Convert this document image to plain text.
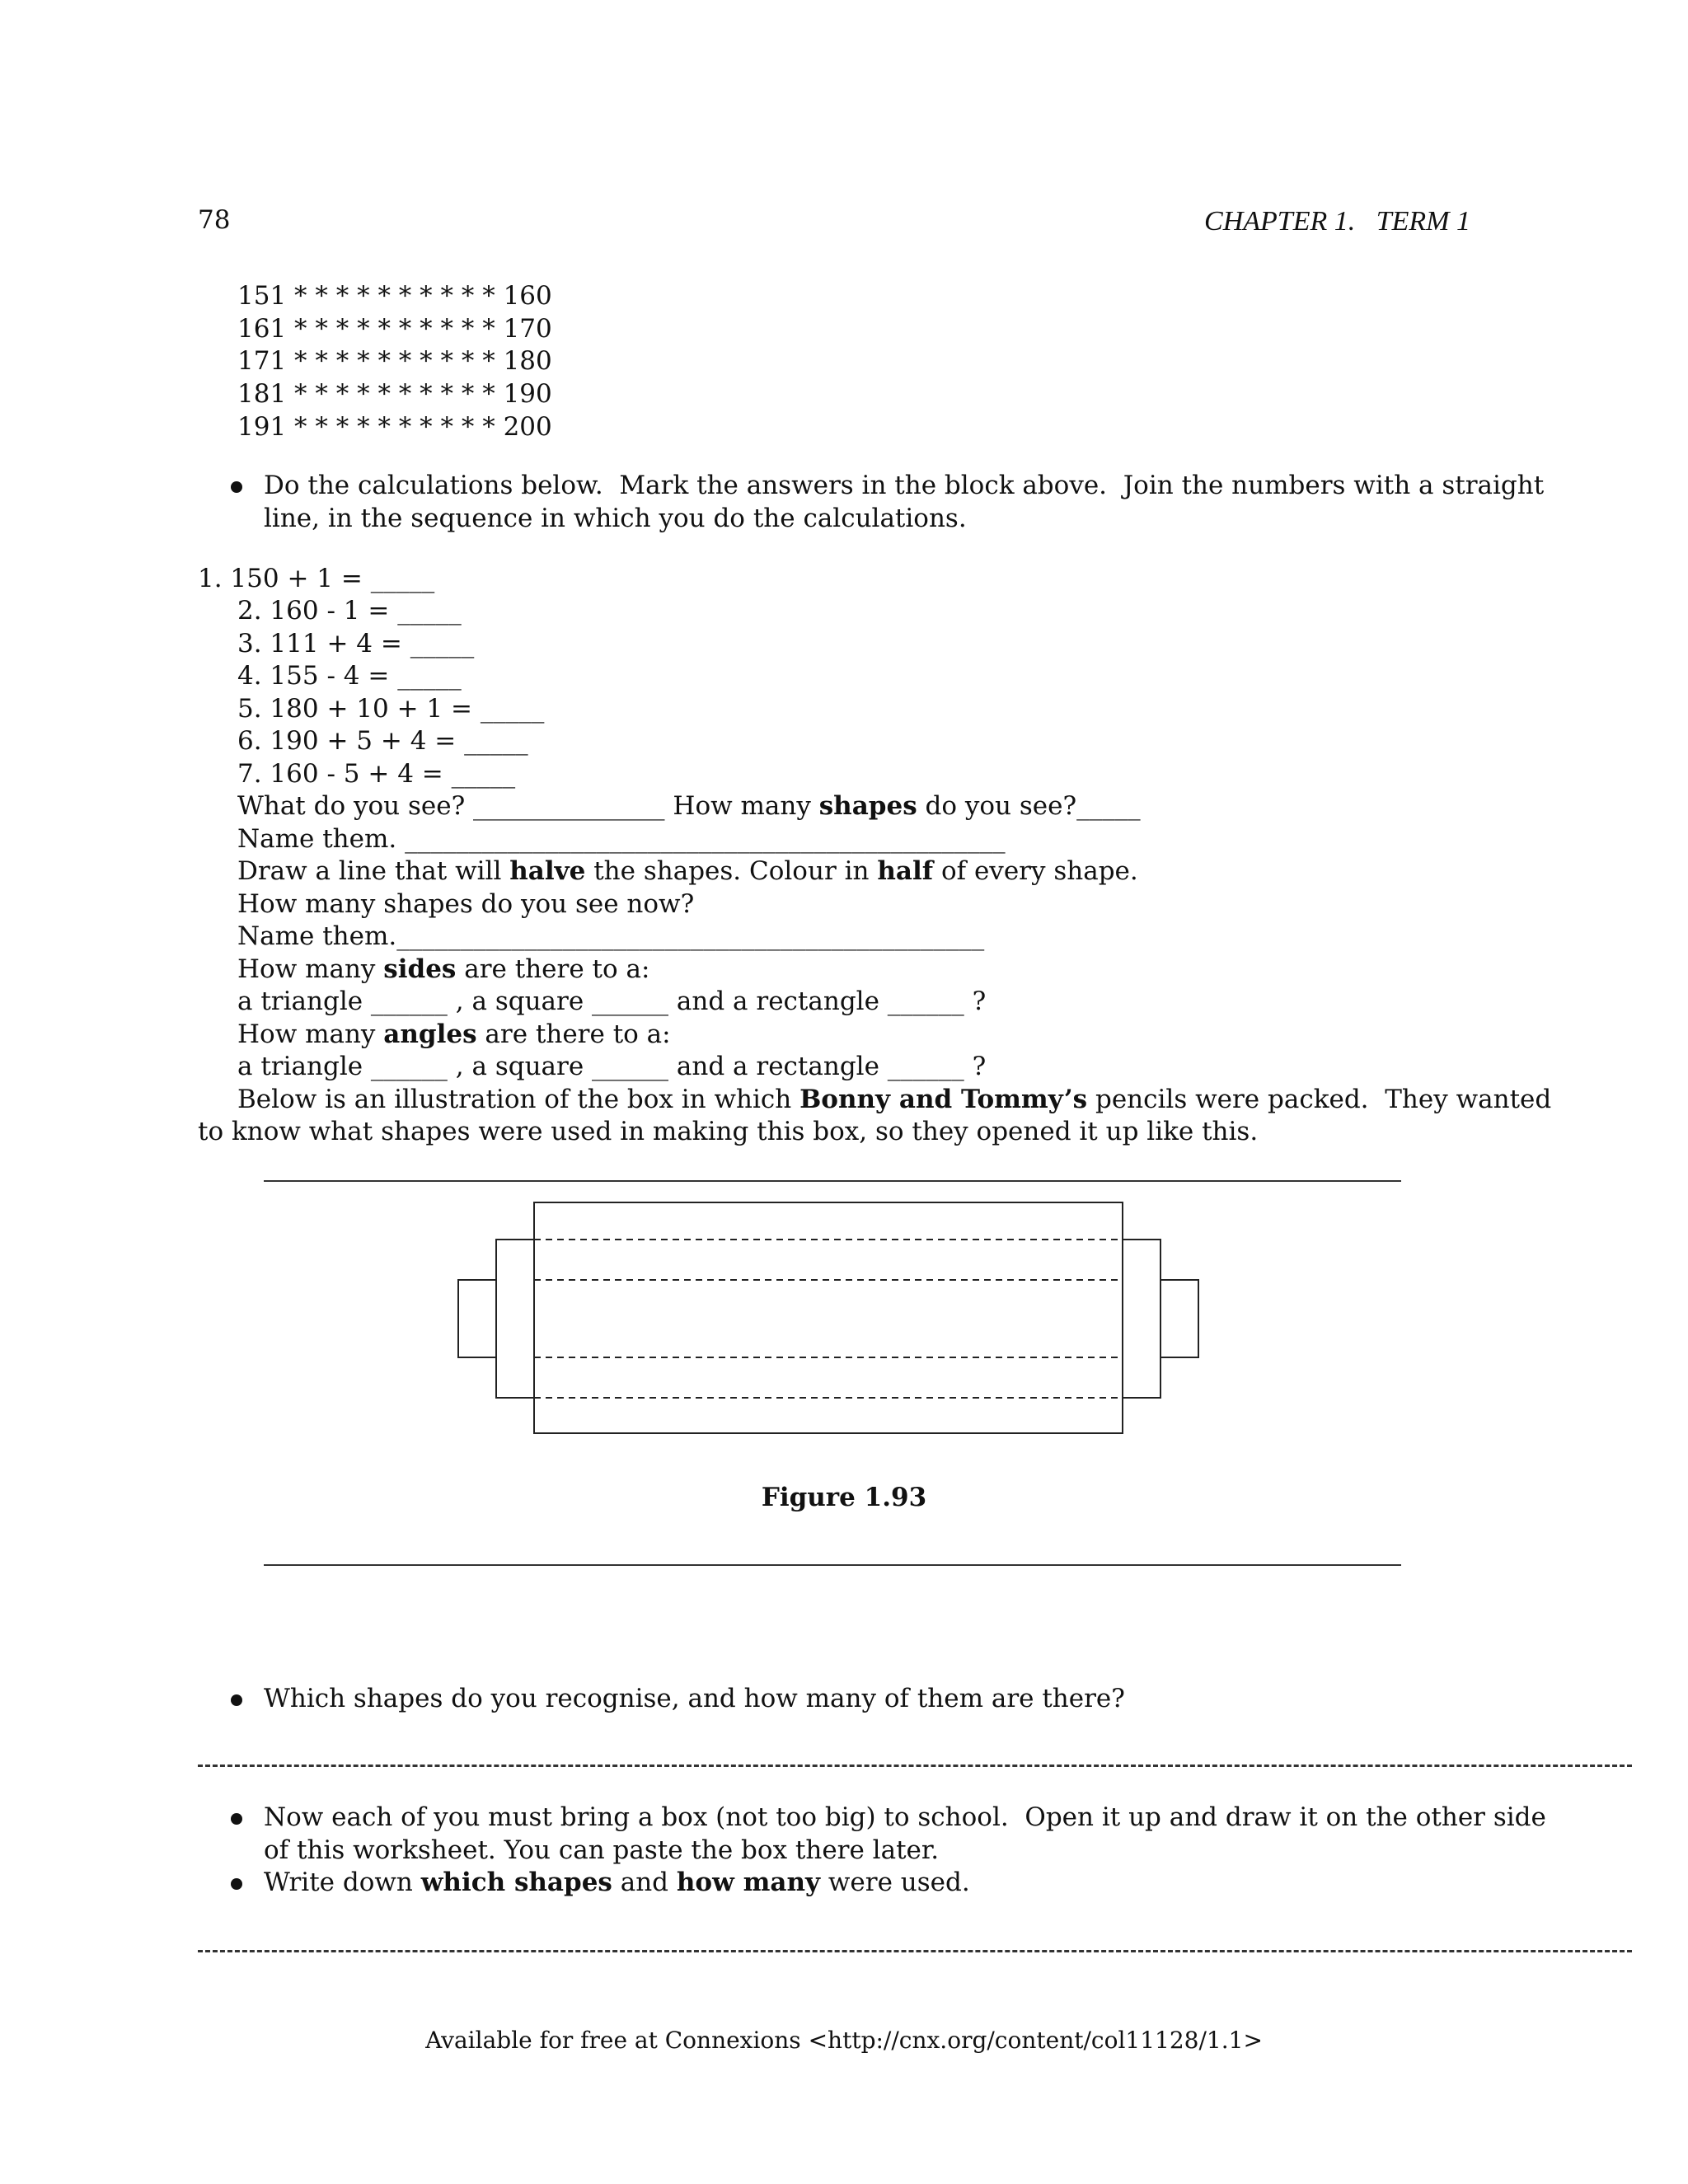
78	CHAPTER 1.   TERM 1
151 * * * * * * * * * * 160
161 * * * * * * * * * * 170
171 * * * * * * * * * * 180
181 * * * * * * * * * * 190
191 * * * * * * * * * * 200
Do the calculations below.  Mark the answers in the block above.  Join the numbers with a straight
line, in the sequence in which you do the calculations.
1. 150 + 1 = _____
2. 160 - 1 = _____
3. 111 + 4 = _____
4. 155 - 4 = _____
5. 180 + 10 + 1 = _____
6. 190 + 5 + 4 = _____
7. 160 - 5 + 4 = _____
What do you see? _______________ How many shapes do you see?_____
Name them. _______________________________________________
Draw a line that will halve the shapes. Colour in half of every shape.
How many shapes do you see now?
Name them.______________________________________________
How many sides are there to a:
a triangle ______ , a square ______ and a rectangle ______ ?
How many angles are there to a:
a triangle ______ , a square ______ and a rectangle ______ ?
Below is an illustration of the box in which Bonny and Tommy’s pencils were packed.  They wanted
to know what shapes were used in making this box, so they opened it up like this.
Figure 1.93
Which shapes do you recognise, and how many of them are there?
Now each of you must bring a box (not too big) to school.  Open it up and draw it on the other side
of this worksheet. You can paste the box there later.
Write down which shapes and how many were used.
Available for free at Connexions <http://cnx.org/content/col11128/1.1>
